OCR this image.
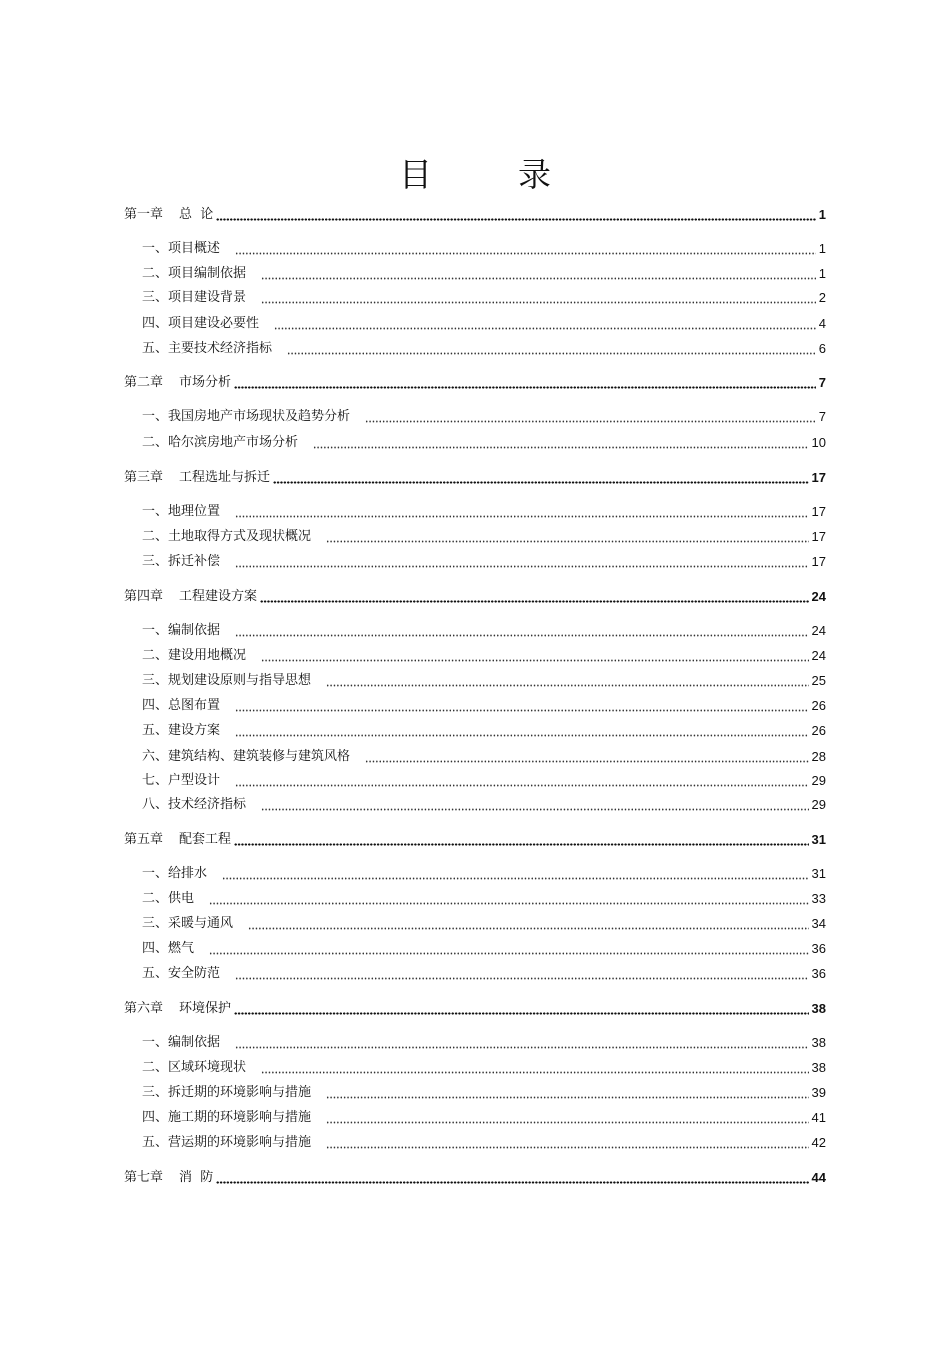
目	录
第一章 总  论	1
一、项目概述	1
二、项目编制依据	1
三、项目建设背景	2
四、项目建设必要性	4
五、主要技术经济指标	6
第二章 市场分析	7
一、我国房地产市场现状及趋势分析	7
二、哈尔滨房地产市场分析	10
第三章 工程选址与拆迁	17
一、地理位置	17
二、土地取得方式及现状概况	17
三、拆迁补偿	17
第四章 工程建设方案	24
一、编制依据	24
二、建设用地概况	24
三、规划建设原则与指导思想	25
四、总图布置	26
五、建设方案	26
六、建筑结构、建筑装修与建筑风格	28
七、户型设计	29
八、技术经济指标	29
第五章 配套工程	31
一、给排水	31
二、供电	33
三、采暖与通风	34
四、燃气	36
五、安全防范	36
第六章 环境保护	38
一、编制依据	38
二、区域环境现状	38
三、拆迁期的环境影响与措施	39
四、施工期的环境影响与措施	41
五、营运期的环境影响与措施	42
第七章 消  防	44
